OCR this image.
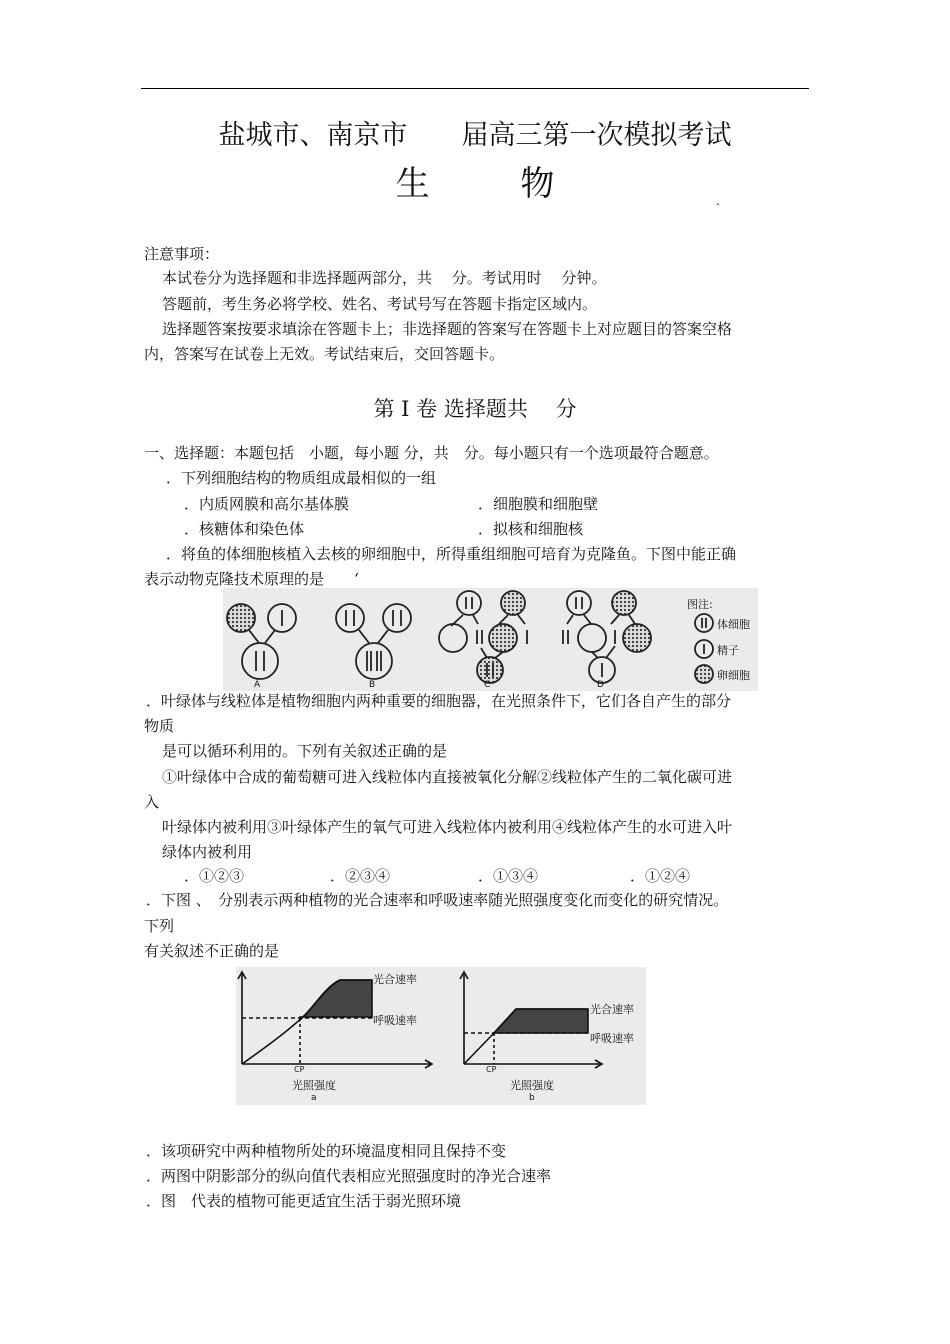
盐城市、南京市　　届高三第一次模拟考试
生 物	.
注意事项：
本试卷分为选择题和非选择题两部分，共　 分。考试用时　 分钟。
答题前，考生务必将学校、姓名、考试号写在答题卡指定区域内。
选择题答案按要求填涂在答题卡上；非选择题的答案写在答题卡上对应题目的答案空格
内，答案写在试卷上无效。考试结束后，交回答题卡。
第 I 卷 选择题共　 分
一、选择题：本题包括　小题，每小题 分，共　分。每小题只有一个选项最符合题意。
．下列细胞结构的物质组成最相似的一组
．内质网膜和高尔基体膜	．细胞膜和细胞壁
．核糖体和染色体	．拟核和细胞核
．将鱼的体细胞核植入去核的卵细胞中，所得重组细胞可培育为克隆鱼。下图中能正确
表示动物克隆技术原理的是　　‘
A	B	C	D
图注:
体细胞
精子
卵细胞
．叶绿体与线粒体是植物细胞内两种重要的细胞器，在光照条件下，它们各自产生的部分
物质
是可以循环利用的。下列有关叙述正确的是
①叶绿体中合成的葡萄糖可进入线粒体内直接被氧化分解②线粒体产生的二氧化碳可进
入
叶绿体内被利用③叶绿体产生的氧气可进入线粒体内被利用④线粒体产生的水可进入叶
绿体内被利用
．①②③	．②③④	．①③④	．①②④
．下图 、　分别表示两种植物的光合速率和呼吸速率随光照强度变化而变化的研究情况。
下列
有关叙述不正确的是
光合速率
呼吸速率
CP
光照强度
a
光合速率
呼吸速率
CP
光照强度
b
．该项研究中两种植物所处的环境温度相同且保持不变
．两图中阴影部分的纵向值代表相应光照强度时的净光合速率
．图　代表的植物可能更适宜生活于弱光照环境
